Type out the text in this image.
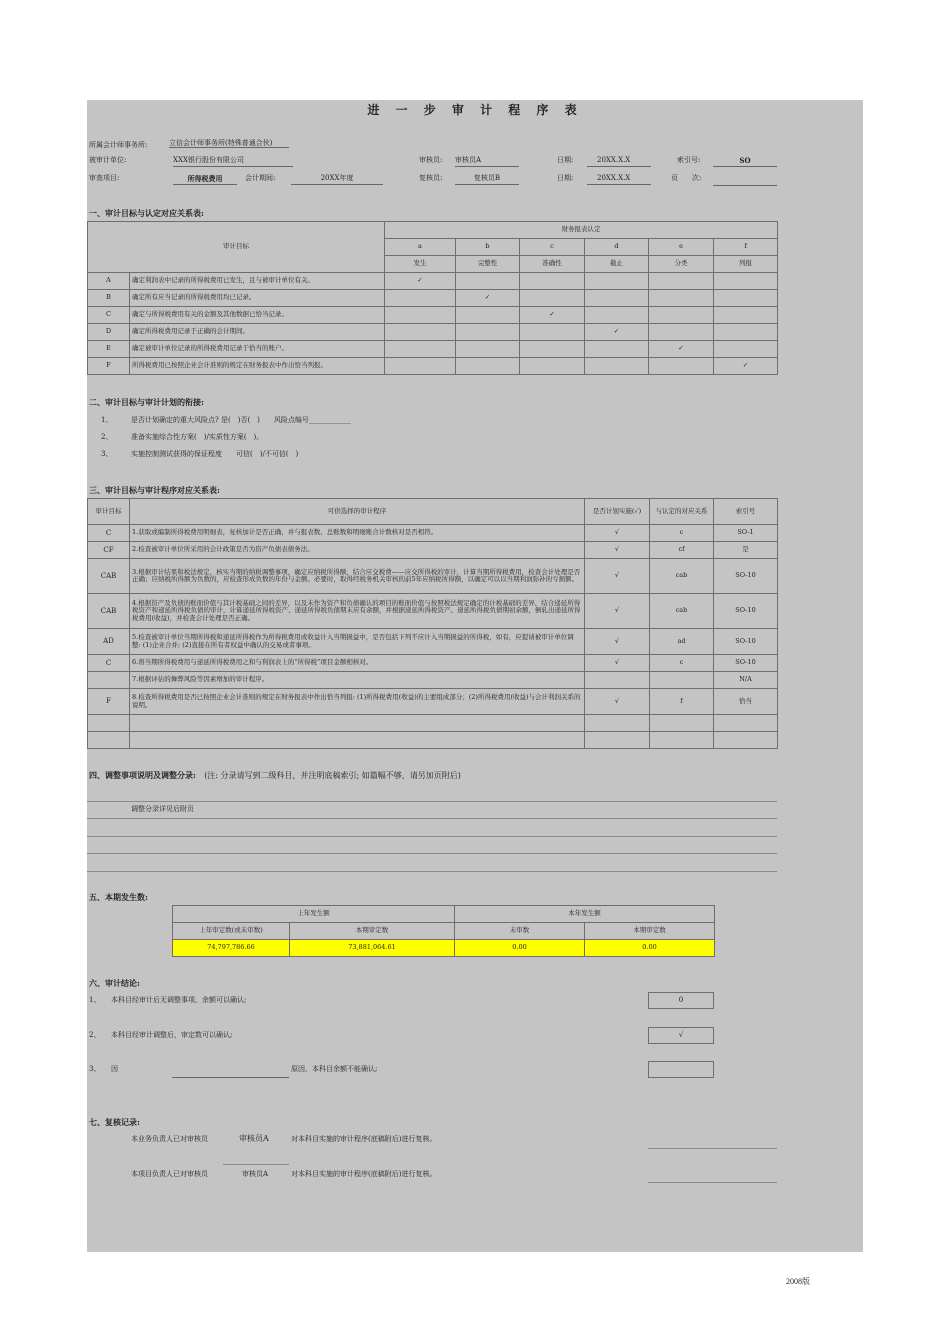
进 一 步 审 计 程 序 表
所属会计师事务所:	立信会计师事务所(特殊普通合伙)
被审计单位:	XXX银行股份有限公司	审核员: 审核员A	日期:	20XX.X.X	索引号:	SO
审查项目:	所得税费用	会计期间:	20XX年度	复核员:	复核员B	日期:	20XX.X.X	页　　次:
一、审计目标与认定对应关系表:
审计目标		财务报表认定					
		a	b	c	d	e	f
		发生	完整性	准确性	截止	分类	列报
A	确定利润表中记录的所得税费用已发生，且与被审计单位有关。	✓					
B	确定所有应当记录的所得税费用均已记录。		✓				
C	确定与所得税费用有关的金额及其他数据已恰当记录。			✓			
D	确定所得税费用记录于正确的会计期间。				✓		
E	确定被审计单位记录的所得税费用记录于恰当的账户。					✓	
F	所得税费用已按照企业会计准则的规定在财务报表中作出恰当列报。						✓
二、审计目标与审计计划的衔接:
1、	是否计划确定的重大风险点? 是(　)否(　)　　风险点编号____________
2、	准备实施综合性方案(　)/实质性方案(　)。
3、	实施控制测试获得的保证程度　　可信(　)/不可信(　)
三、审计目标与审计程序对应关系表:
审计目标	可供选择的审计程序	是否计划实施(✓)	与认定的对应关系	索引号
C	1.获取或编制所得税费用明细表，复核加计是否正确，并与报表数、总账数和明细账合计数核对是否相符。	√	c	SO-1
CF	2.检查被审计单位所采用的会计政策是否为资产负债表债务法。	√	cf	是
CAB	3.根据审计结果和税法规定，核实当期的纳税调整事项，确定应纳税所得额，结合应交税费——应交所得税的审计，计算当期所得税费用，检查会计处理是否正确；应纳税所得额为负数的，应检查形成负数的年份与金额。必要时，取得经税务机关审核的前5年应纳税所得额，以确定可以以当期利润弥补的亏损额。	√	cab	SO-10
CAB	4.根据资产及负债的账面价值与其计税基础之间的差异，以及未作为资产和负债确认的项目的账面价值与按照税法规定确定的计税基础的差异，结合递延所得税资产和递延所得税负债的审计，计算递延所得税资产、递延所得税负债期末应有余额，并根据递延所得税资产、递延所得税负债期初余额，倒轧出递延所得税费用(收益)，并检查会计处理是否正确。	√	cab	SO-10
AD	5.检查被审计单位当期所得税和递延所得税作为所得税费用或收益计入当期损益中，是否包括下列不应计入当期损益的所得税，如有，应提请被审计单位调整: (1)企业合并; (2)直接在所有者权益中确认的交易或者事项。	√	ad	SO-10
C	6.将当期所得税费用与递延所得税费用之和与利润表上的“所得税”项目金额相核对。	√	c	SO-10
	7.根据评估的舞弊风险等因素增加的审计程序。			N/A
F	8.检查所得税费用是否已按照企业会计准则的规定在财务报表中作出恰当列报: (1)所得税费用(收益)的主要组成部分；(2)所得税费用(收益)与会计利润关系的说明。	√	f	恰当

四、调整事项说明及调整分录: (注: 分录请写到二级科目，并注明底稿索引; 如篇幅不够，请另加页附后)
调整分录详见后附页
五、本期发生数:
上年发生额		本年发生额	
上年审定数(或未审数)	本期审定数	未审数	本期审定数
74,797,786.66	73,881,064.61	0.00	0.00
六、审计结论:
1、 本科目经审计后无调整事项，余额可以确认;	0
2、 本科目经审计调整后，审定数可以确认;	√
3、 因	原因，本科目余额不能确认;
七、复核记录:
本业务负责人已对审核员	审核员A	对本科目实施的审计程序(底稿附后)进行复核。
本项目负责人已对审核员	审核员A	对本科目实施的审计程序(底稿附后)进行复核。
2008版
